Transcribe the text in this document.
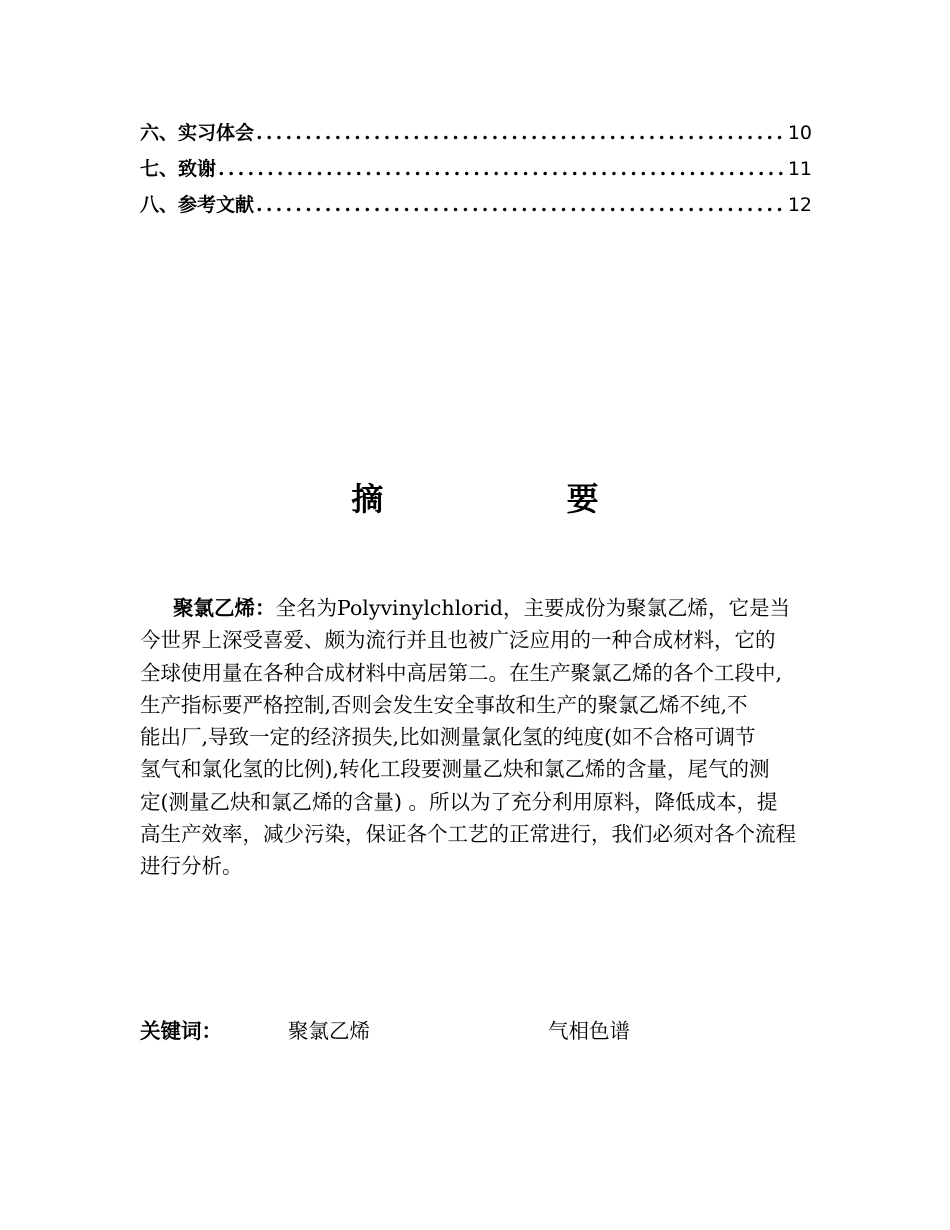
六、实习体会 .....	10
七、致谢 .....	11
八、参考文献 .....	12
摘 要

聚氯乙烯：全名为Polyvinylchlorid，主要成份为聚氯乙烯，它是当
今世界上深受喜爱、颇为流行并且也被广泛应用的一种合成材料，它的
全球使用量在各种合成材料中高居第二。在生产聚氯乙烯的各个工段中,
生产指标要严格控制,否则会发生安全事故和生产的聚氯乙烯不纯,不
能出厂,导致一定的经济损失,比如测量氯化氢的纯度(如不合格可调节
氢气和氯化氢的比例),转化工段要测量乙炔和氯乙烯的含量，尾气的测
定(测量乙炔和氯乙烯的含量) 。所以为了充分利用原料，降低成本，提
高生产效率，减少污染，保证各个工艺的正常进行，我们必须对各个流程
进行分析。

关键词：	聚氯乙烯	气相色谱
